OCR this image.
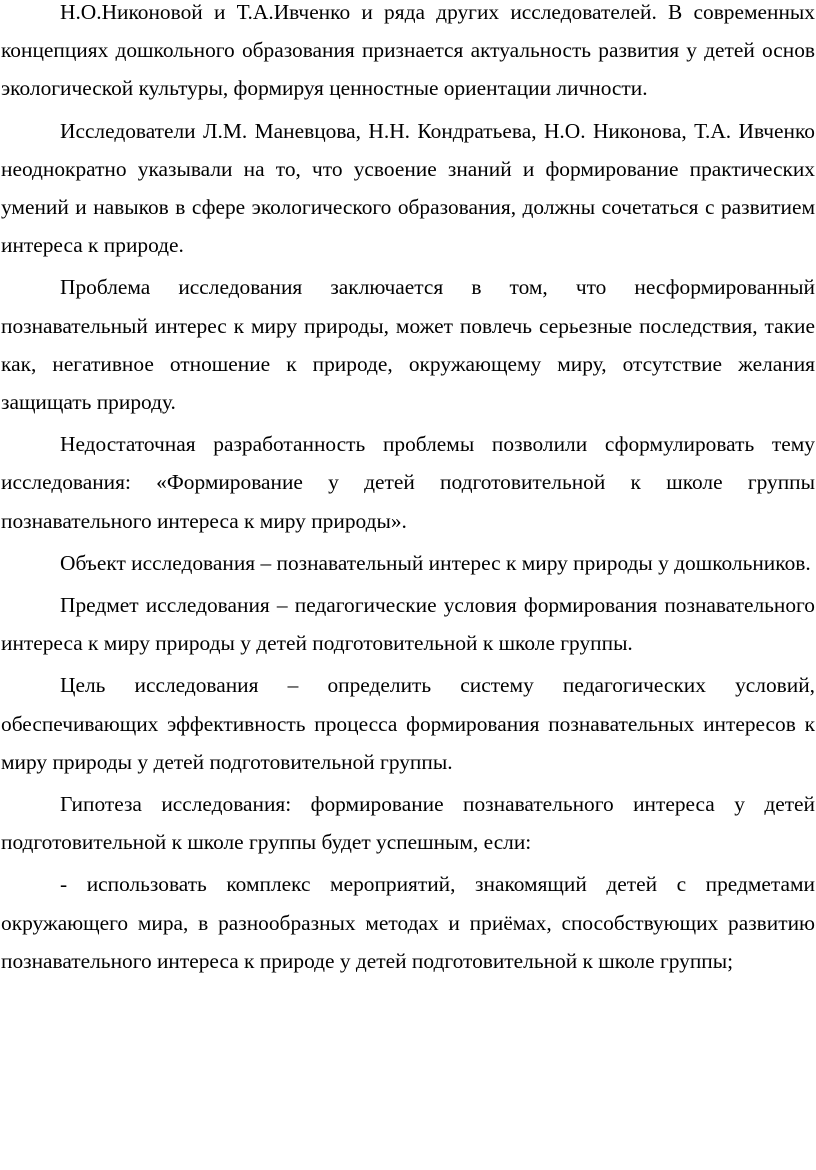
Н.О.Никоновой и Т.А.Ивченко и ряда других исследователей. В современных концепциях дошкольного образования признается актуальность развития у детей основ экологической культуры, формируя ценностные ориентации личности.

Исследователи Л.М. Маневцова, Н.Н. Кондратьева, Н.О. Никонова, Т.А. Ивченко неоднократно указывали на то, что усвоение знаний и формирование практических умений и навыков в сфере экологического образования, должны сочетаться с развитием интереса к природе.

Проблема исследования заключается в том, что несформированный познавательный интерес к миру природы, может повлечь серьезные последствия, такие как, негативное отношение к природе, окружающему миру, отсутствие желания защищать природу.

Недостаточная разработанность проблемы позволили сформулировать тему исследования: «Формирование у детей подготовительной к школе группы познавательного интереса к миру природы».

Объект исследования – познавательный интерес к миру природы у дошкольников.

Предмет исследования – педагогические условия формирования познавательного интереса к миру природы у детей подготовительной к школе группы.

Цель исследования – определить систему педагогических условий, обеспечивающих эффективность процесса формирования познавательных интересов к миру природы у детей подготовительной группы.

Гипотеза исследования: формирование познавательного интереса у детей подготовительной к школе группы будет успешным, если:

- использовать комплекс мероприятий, знакомящий детей с предметами окружающего мира, в разнообразных методах и приёмах, способствующих развитию познавательного интереса к природе у детей подготовительной к школе группы;
